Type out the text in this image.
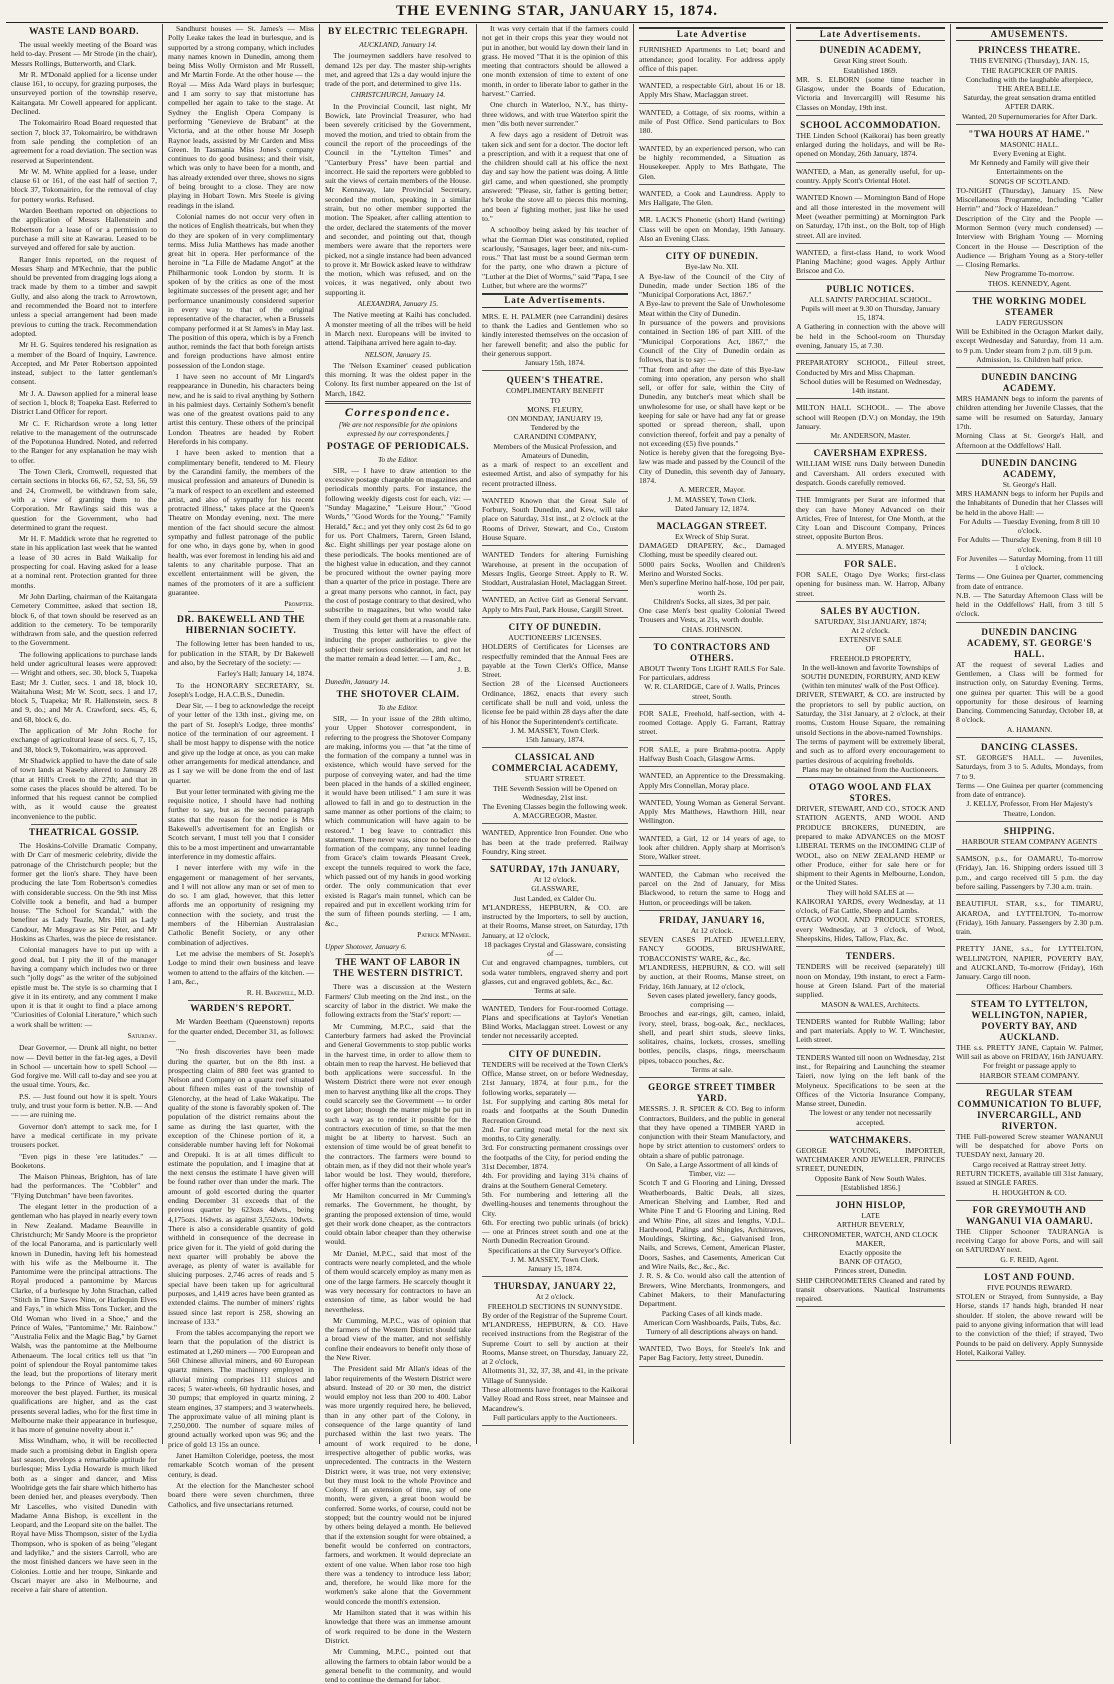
THE EVENING STAR, JANUARY 15, 1874.
WASTE LAND BOARD.

The usual weekly meeting of the Board was held to-day. Present — Mr Strode (in the chair), Messrs Rollings, Butterworth, and Clark.

Mr R. M'Donald applied for a license under clause 161, to occupy, for grazing purposes, the unsurveyed portion of the township reserve, Kaitangata. Mr Cowell appeared for applicant. Declined.

The Tokomairiro Road Board requested that section 7, block 37, Tokomairiro, be withdrawn from sale pending the completion of an agreement for a road deviation. The section was reserved at Superintendent.

Mr W. M. White applied for a lease, under clause 61 or 161, of the east half of section 7, block 37, Tokomairiro, for the removal of clay for pottery works. Refused.

Warden Beetham reported on objections to the application of Messrs Hallenstein and Robertson for a lease of or a permission to purchase a mill site at Kawarau. Leased to be surveyed and offered for sale by auction.

Ranger Innis reported, on the request of Messrs Sharp and M'Kechnie, that the public should be prevented from dragging logs along a track made by them to a timber and sawpit Gully, and also along the track to Arrowtown, and recommended the Board not to interfere unless a special arrangement had been made previous to cutting the track. Recommendation adopted.

Mr H. G. Squires tendered his resignation as a member of the Board of Inquiry, Lawrence. Accepted, and Mr Peter Robertson appointed instead, subject to the latter gentleman's consent.

Mr J. A. Dawson applied for a mineral lease of section 1, block 8; Toapeka East. Referred to District Land Officer for report.

Mr C. F. Richardson wrote a long letter relative to the management of the outrunscade of the Popotunoa Hundred. Noted, and referred to the Ranger for any explanation he may wish to offer.

The Town Clerk, Cromwell, requested that certain sections in blocks 66, 67, 52, 53, 56, 59 and 24, Cromwell, be withdrawn from sale, with a view of granting them to the Corporation. Mr Rawlings said this was a question for the Government, who had determined to grant the request.

Mr H. F. Maddick wrote that he regretted to state in his application last week that he wanted a lease of 30 acres in Bald Waikalip for prospecting for coal. Having asked for a lease at a nominal rent. Protection granted for three months.

Mr John Darling, chairman of the Kaitangata Cemetery Committee, asked that section 18, block 6, of that town should be reserved as an addition to the cemetery. To be temporarily withdrawn from sale, and the question referred to the Government.

The following applications to purchase lands held under agricultural leases were approved: — Wright and others, sec. 30, block 5, Tuapeka East; Mr J. Cutler, secs. 1 and 18, block 10, Waitahuna West; Mr W. Scott, secs. 1 and 17, block 5, Tuapeka; Mr R. Hallenstein, secs. 8 and 9, do.; and Mr A. Crawford, secs. 45, 6, and 68, block 6, do.

The application of Mr John Roche for exchange of agricultural lease of secs. 6, 7, 15, and 38, block 9, Tokomairiro, was approved.

Mr Shadwick applied to have the date of sale of town lands at Naseby altered to January 28 (that at Hill's Creek to the 27th; and that in some cases the places should be altered. To be informed that his request cannot be complied with, as it would cause the greatest inconvenience to the public.

THEATRICAL GOSSIP.

The Hoskins-Colville Dramatic Company, with Dr Carr of mesmeric celebrity, divide the patronage of the Christchurch people; but the former get the lion's share. They have been producing the late Tom Robertson's comedies with considerable success. On the 9th inst Miss Colville took a benefit, and had a bumper house. "The School for Scandal," with the benefiter as Lady Teazle, Mrs Hill as Lady Candour, Mr Musgrave as Sir Peter, and Mr Hoskins as Charles, was the piece de resistance.

Colonial managers have to put up with a good deal, but I pity the ill of the manager having a company which includes two or three such "jolly dogs" as the writer of the subjoined epistle must be. The style is so charming that I give it in its entirety, and any comment I make upon it is that it ought to find a place among "Curiosities of Colonial Literature," which such a work shall be written: —

Saturday.

Dear Governor, — Drunk all night, no better now — Devil better in the fat-leg ages, a Devil in School — uncertain how to spell School — God forgive me. Will call to-day and see you at the usual time. Yours, &c.

P.S. — Just found out how it is spelt. Yours truly, and trust your form is better. N.B. — And — — are ruining me.

Governor don't attempt to sack me, for I have a medical certificate in my private trousers pocket.

"Even pigs in these 'ere latitudes." — Booketons.

The Maison Phineas, Brighton, has of late had the performances. The "Cobbler" and "Flying Dutchman" have been favorites.

The elegant letter in the production of a gentleman who has played in nearly every town in New Zealand. Madame Beauville in Christchurch; Mr Sandy Moore is the proprietor of the local Panorama, and is particularly well known in Dunedin, having left his homestead with his wife as the Melbourne it. The Pantomime were the principal attractions. The Royal produced a pantomime by Marcus Clarke, of a burlesque by John Strachan, called "Stitch in Time Saves Nine, or Harlequin Elves and Fays," in which Miss Tons Tucker, and the Old Woman who lived in a Shoe," and the Prince of Wales, "Pantomime," Mr. Rainbow." "Australia Felix and the Magic Bag," by Garnet Walsh, was the pantomime at the Melbourne Athenaeum. The local critics tell us that "in point of splendour the Royal pantomime takes the lead, but the proportions of literary merit belongs to the Prince of Wales; and it is moreover the best played. Further, its musical qualifications are higher, and as the cast presents several ladies, who for the first time in Melbourne make their appearance in burlesque, it has more of genuine novelty about it."

Miss Windham, who, it will be recollected made such a promising debut in English opera last season, develops a remarkable aptitude for burlesque; Miss Lydia Howarde is much liked both as a singer and dancer, and Miss Woolridge gets the fair share which hitherto has been denied her, and pleases everybody. Then Mr Lascelles, who visited Dunedin with Madame Anna Bishop, is excellent in the Leopard, and the Leopard site on the ballet. The Royal have Miss Thompson, sister of the Lydia Thompson, who is spoken of as being "elegant and ladylike," and the sisters Carroll, who are the most finished dancers we have seen in the Colonies. Lottie and her troupe, Sinkarde and Oscari mayer are also in Melbourne, and receive a fair share of attention.

Sandhurst houses — St. James's — Miss Polly Leake takes the lead in burlesque, and is supported by a strong company, which includes many names known in Dunedin, among them being Miss Wolly Ormiston and Mr Russell, and Mr Martin Forde. At the other house — the Royal — Miss Ada Ward plays in burlesque; and I am sorry to say that mistortune has compelled her again to take to the stage. At Sydney the English Opera Company is performing "Genevieve de Brabant" at the Victoria, and at the other house Mr Joseph Raynor leads, assisted by Mr Carden and Miss Green. In Tasmania Miss Jones's company continues to do good business; and their visit, which was only to have been for a month, and has already extended over three, shows no signs of being brought to a close. They are now playing in Hobart Town. Mrs Steele is giving readings in the island.

Colonial names do not occur very often in the notices of English theatricals, but when they do they are spoken of in very complimentary terms. Miss Julia Matthews has made another great hit in opera. Her performance of the heroine in "La Fille de Madame Angot" at the Philharmonic took London by storm. It is spoken of by the critics as one of the most legitimate successes of the present age; and her performance unanimously considered superior in every way to that of the original representative of the character, when a Brussels company performed it at St James's in May last. The position of this opera, which is by a French author, reminds the fact that both foreign artists and foreign productions have almost entire possession of the London stage.

I have seen no account of Mr Lingard's reappearance in Dunedin, his characters being new, and he is said to rival anything by Sothern in his palmiest days. Certainly Sothern's benefit was one of the greatest ovations paid to any artist this century. These others of the principal London Theatres are headed by Robert Herefords in his company.

I have been asked to mention that a complimentary benefit, tendered to M. Fleury by the Carandini family, the members of the musical profession and amateurs of Dunedin is "a mark of respect to an excellent and esteemed artist, and also of sympathy for his recent protracted illness," takes place at the Queen's Theatre on Monday evening, next. The mere mention of the fact should secure the almost sympathy and fullest patronage of the public for one who, in days gone by, when in good health, was ever foremost in lending his aid and talents to any charitable purpose. That an excellent entertainment will be given, the names of the promoters of it are a sufficient guarantee.

Prompter.
DR. BAKEWELL AND THE HIBERNIAN SOCIETY.

The following letter has been handed to us, for publication in the STAR, by Dr Bakewell and also, by the Secretary of the society: —

Farley's Hall; January 14, 1874.

To the HONORARY SECRETARY, St. Joseph's Lodge, H.A.C.B.S., Dunedin.

Dear Sir, — I beg to acknowledge the receipt of your letter of the 13th inst., giving me, on the part of St. Joseph's Lodge, three months' notice of the termination of our agreement. I shall be most happy to dispense with the notice and give up the lodge at once, as you can make other arrangements for medical attendance, and as I say we will be done from the end of last quarter.

But your letter terminated with giving me the requisite notice, I should have had nothing further to say, but as the second paragraph states that the reason for the notice is Mrs Bakewell's advertisement for an English or Scotch servant, I must tell you that I consider this to be a most impertinent and unwarrantable interference in my domestic affairs.

I never interfere with my wife in the engagement or management of her servants, and I will not allow any man or set of men to do so. I am glad, however, that this letter affords me an opportunity of resigning my connection with the society, and trust the members of the Hibernian Australasian Catholic Benefit Society, or any other combination of adjectives.

Let me advise the members of St. Joseph's Lodge to mind their own business and leave women to attend to the affairs of the kitchen. — I am, &c.,

R. H. Bakewell, M.D.
WARDEN'S REPORT.

Mr Warden Beetham (Queenstown) reports for the quarter ended, December 31, as follows: —

"No fresh discoveries have been made during the quarter, but on the 8th inst. a prospecting claim of 880 feet was granted to Nelson and Company on a quartz reef situated about fifteen miles east of the township of Glenorchy, at the head of Lake Wakatipu. The quality of the stone is favorably spoken of. The population of the district remains about the same as during the last quarter, with the exception of the Chinese portion of it, a considerable number having left for Nokomai and Orepuki. It is at all times difficult to estimate the population, and I imagine that at the next census the estimate I have given will be found rather over than under the mark. The amount of gold escorted during the quarter ending December 31 exceeds that of the previous quarter by 623ozs 4dwts., being 4,175ozs. 16dwts. as against 3,552ozs. 10dwts. There is also a considerable quantity of gold withheld in consequence of the decrease in price given for it. The yield of gold during the next quarter will probably be above the average, as plenty of water is available for sluicing purposes. 2,746 acres of reads and 5 special have been taken up for agricultural purposes, and 1,419 acres have been granted as extended claims. The number of miners' rights issued since last report is 258, showing an increase of 133."

From the tables accompanying the report we learn that the population of the district is estimated at 1,260 miners — 700 European and 560 Chinese alluvial miners, and 60 European quartz miners. The machinery employed in alluvial mining comprises 111 sluices and races; 5 water-wheels, 60 hydraulic hoses, and 30 pumps; that employed in quartz mining, 2 steam engines, 37 stampers; and 3 waterwheels. The approximate value of all mining plant is 7,250,000. The number of square miles of ground actually worked upon was 96; and the price of gold 13 15s an ounce.

Janet Hamilton Coleridge, poetess, the most remarkable Scotch woman of the present century, is dead.

At the election for the Manchester school board there were seven churchmen, three Catholics, and five unsectarians returned.

BY ELECTRIC TELEGRAPH.
AUCKLAND, January 14.

The journeymen saddlers have resolved to demand 12s per day. The master ship-wrights met, and agreed that 12s a day would injure the trade of the port, and determined to give 11s.

CHRISTCHURCH, January 14.

In the Provincial Council, last night, Mr Bowick, late Provincial Treasurer, who had been severely criticised by the Government, moved the motion, and tried to obtain from the council the report of the proceedings of the Council in the "Lyttelton Times" and "Canterbury Press" have been partial and incorrect. He said the reporters were gobbled to suit the views of certain members of the House. Mr Kennaway, late Provincial Secretary, seconded the motion, speaking in a similar strain, but no other member supported the motion. The Speaker, after calling attention to the order, declared the statements of the mover and seconder, and pointing out that, though members were aware that the reporters were picked, not a single instance had been advanced to prove it. Mr Bowick asked leave to withdraw the motion, which was refused, and on the voices, it was negatived, only about two supporting it.

ALEXANDRA, January 15.

The Native meeting at Kaihi has concluded. A monster meeting of all the tribes will be held in March next. Europeans will be invited to attend. Taipihana arrived here again to-day.

NELSON, January 15.

The 'Nelson Examiner' ceased publication this morning. It was the oldest paper in the Colony. Its first number appeared on the 1st of March, 1842.

Correspondence.
[We are not responsible for the opinions expressed by our correspondents.]
POSTAGE OF PERIODICALS.
To the Editor.

SIR, — I have to draw attention to the excessive postage chargeable on magazines and periodicals monthly parts. For instance, the following weekly digests cost for each, viz: — "Sunday Magazine," "Leisure Hour," "Good Words," "Good Words for the Young," "Family Herald," &c.; and yet they only cost 2s 6d to go for us. Port Chalmers, Tarern, Green Island, &c. Eight shillings per year postage alone on these periodicals. The books mentioned are of the highest value in education, and they cannot be procured without the owner paying more than a quarter of the price in postage. There are a great many persons who cannot, in fact, pay the cost of postage contrary to that desired, who subscribe to magazines, but who would take them if they could get them at a reasonable rate.

Trusting this letter will have the effect of inducing the proper authorities to give the subject their serious consideration, and not let the matter remain a dead letter. — I am, &c.,

J. B.
Dunedin, January 14.
THE SHOTOVER CLAIM.
To the Editor.

SIR, — In your issue of the 28th ultimo, your Upper Shotover correspondent, in referring to the progress the Shotover Company are making, informs you — that "at the time of the formation of the company a tunnel was in existence, which would have served for the purpose of conveying water, and had the time been placed in the hands of a skilled engineer, it would have been utilised." I am sure it was allowed to fall in and go to destruction in the same manner as other portions of the claim; to which communication will have again to be restored." I beg leave to contradict this statement. There never was, since no before the formation of the company, any tunnel leading from Grace's claim towards Pleasant Creek, except the tunnels required to work the face, which passed out of my hands in good working order. The only communication that ever existed is Ragar's main tunnel, which can be repaired and put in excellent working trim for the sum of fifteen pounds sterling. — I am, &c.,

Patrick M'Namee.
Upper Shotover, January 6.
THE WANT OF LABOR IN THE WESTERN DISTRICT.

There was a discussion at the Western Farmers' Club meeting on the 2nd inst., on the scarcity of labor in the district. We make the following extracts from the 'Star's' report: —

Mr Cumming, M.P.C., said that the Canterbury farmers had asked the Provincial and General Governments to stop public works in the harvest time, in order to allow them to obtain men to reap the harvest. He believed that both applications were successful. In the Western District there were not ever enough men to harvest anything like all the crops. They could scarcely see the Government — to order to get labor; though the matter might be put in such a way as to render it possible for the contractors execution of time, so that the men might be at liberty to harvest. Such an extension of time would be of great benefit to the contractors. The farmers were bound to obtain men, as if they did not their whole year's labor would be lost. They would, therefore, offer higher terms than the contractors.

Mr Hamilton concurred in Mr Cumming's remarks. The Government, he thought, by granting the proposed extension of time, would get their work done cheaper, as the contractors could obtain labor cheaper than they otherwise would.

Mr Daniel, M.P.C., said that most of the contracts were nearly completed, and the whole of them would scarcely employ as many men as one of the large farmers. He scarcely thought it was very necessary for contractors to have an extension of time, as labor would be had nevertheless.

Mr Cumming, M.P.C., was of opinion that the farmers of the Western District should take a broad view of the matter, and not selfishly confine their endeavors to benefit only those of the New River.

The President said Mr Allan's ideas of the labor requirements of the Western District were absurd. Instead of 20 or 30 men, the district would employ not less than 200 to 400. Labor was more urgently required here, he believed, than in any other part of the Colony, in consequence of the large quantity of land purchased within the last two years. The amount of work required to be done, irrespective altogether of public works, was unprecedented. The contracts in the Western District were, it was true, not very extensive; but they must look to the whole Province and Colony. If an extension of time, say of one month, were given, a great boon would be conferred. Some works, of course, could not be stopped; but the country would not be injured by others being delayed a month. He believed that if the extension sought for were obtained, a benefit would be conferred on contractors, farmers, and workmen. It would depreciate an extent of one value. When labor rose too high there was a tendency to introduce less labor; and, therefore, he would like more for the workmen's sake alone that the Government would concede the month's extension.

Mr Hamilton stated that it was within his knowledge that there was an immense amount of work required to be done in the Western District.

Mr Cumming, M.P.C., pointed out that allowing the farmers to obtain labor would be a general benefit to the community, and would tend to continue the demand for labor.

It was very certain that if the farmers could not get in their crops this year they would not put in another, but would lay down their land in grass. He moved "That it is the opinion of this meeting that contractors should be allowed a one month extension of time to extent of one month, in order to liberate labor to gather in the harvest." Carried.

One church in Waterloo, N.Y., has thirty-three widows, and with true Waterloo spirit the men "dis both never surrender."

A few days ago a resident of Detroit was taken sick and sent for a doctor. The doctor left a prescription, and with it a request that one of the children should call at his office the next day and say how the patient was doing. A little girl came, and when questioned, she promptly answered: "Please, sir, father is getting better; he's broke the stove all to pieces this morning, and been a' fighting mother, just like he used to."

A schoolboy being asked by his teacher of what the German Diet was constituted, replied scarlously, "Sausages, lager beer, and nix-cum-rous." That last must be a sound German term for the party, one who drawn a picture of "Luther at the Diet of Worms," said "Papa, I see Luther, but where are the worms?"

Late Advertisements.
MRS. E. H. PALMER (nee Carrandini) desires to thank the Ladies and Gentlemen who so kindly interested themselves on the occasion of her farewell benefit; and also the public for their generous support.
January 15th, 1874.
QUEEN'S THEATRE.
COMPLIMENTARY BENEFIT
TO
MONS. FLEURY,
ON MONDAY, JANUARY 19,
Tendered by the
CARANDINI COMPANY,
Members of the Musical Profession, and Amateurs of Dunedin,
as a mark of respect to an excellent and esteemed Artist, and also of sympathy for his recent protracted illness.
WANTED Known that the Great Sale of Forbury, South Dunedin, and Kew, will take place on Saturday, 31st inst., at 2 o'clock at the Rooms of Driver, Stewart, and Co., Custom House Square.
WANTED Tenders for altering Furnishing Warehouse, at present in the occupation of Messrs Inglis, George Street. Apply to R. W. Stoddart, Australasian Hotel, Maclaggan Street.
WANTED, an Active Girl as General Servant. Apply to Mrs Paul, Park House, Cargill Street.
CITY OF DUNEDIN.
AUCTIONEERS' LICENSES.
HOLDERS of Certificates for Licenses are respectfully reminded that the Annual Fees are payable at the Town Clerk's Office, Manse Street.
Section 28 of the Licensed Auctioneers Ordinance, 1862, enacts that every such certificate shall be null and void, unless the license fee be paid within 28 days after the date of his Honor the Superintendent's certificate.
J. M. MASSEY, Town Clerk.
15th January, 1874.
CLASSICAL AND COMMERCIAL ACADEMY,
STUART STREET.
THE Seventh Session will be Opened on Wednesday, 21st inst.
The Evening Classes begin the following week.
A. MACGREGOR, Master.
WANTED, Apprentice Iron Founder. One who has been at the trade preferred. Railway Foundry, King street.
SATURDAY, 17th JANUARY,
At 12 o'clock.
GLASSWARE,
Just Landed, ex Calder Ou.
M'LANDRESS, HEPBURN, & CO. are instructed by the Importers, to sell by auction, at their Rooms, Manse street, on Saturday, 17th January, at 12 o'clock,
18 packages Crystal and Glassware, consisting of —
Cut and engraved champagnes, tumblers, cut soda water tumblers, engraved sherry and port glasses, cut and engraved goblets, &c., &c.
Terms at sale.
WANTED, Tenders for Four-roomed Cottage. Plans and specifications at Taylor's Venetian Blind Works, Maclaggan street. Lowest or any tender not necessarily accepted.
CITY OF DUNEDIN.
TENDERS will be received at the Town Clerk's Office, Manse street, on or before Wednesday, 21st January, 1874, at four p.m., for the following works, separately —
1st. For supplying and carting 80s metal for roads and footpaths at the South Dunedin Recreation Ground.
2nd. For carting road metal for the next six months, to City generally.
3rd. For constructing permanent crossings over the footpaths of the City, for period ending the 31st December, 1874.
4th. For providing and laying 31¼ chains of drains at the Southern General Cemetery.
5th. For numbering and lettering all the dwelling-houses and tenements throughout the City.
6th. For erecting two public urinals (of brick) — one at Princes street south and one at the North Dunedin Recreation Ground.
Specifications at the City Surveyor's Office.
J. M. MASSEY, Town Clerk.
January 15, 1874.
THURSDAY, JANUARY 22,
At 2 o'clock.
FREEHOLD SECTIONS IN SUNNYSIDE.
By order of the Registrar of the Supreme Court.
M'LANDRESS, HEPBURN, & CO. Have received instructions from the Registrar of the Supreme Court to sell by auction at their Rooms, Manse street, on Thursday, January 22, at 2 o'clock,
Allotments 31, 32, 37, 38, and 41, in the private Village of Sunnyside.
These allotments have frontages to the Kaikorai Valley Road and Ross street, near Mainsee and Macandrew's.
Full particulars apply to the Auctioneers.
Late Advertise
FURNISHED Apartments to Let; board and attendance; good locality. For address apply office of this paper.
WANTED, a respectable Girl, about 16 or 18. Apply Mrs Shaw, Maclaggan street.
WANTED, a Cottage, of six rooms, within a mile of Post Office. Send particulars to Box 180.
WANTED, by an experienced person, who can be highly recommended, a Situation as Housekeeper. Apply to Mrs Bathgate, The Glen.
WANTED, a Cook and Laundress. Apply to Mrs Hallgate, The Glen.
MR. LACK'S Phonetic (short) Hand (writing) Class will be open on Monday, 19th January. Also an Evening Class.
CITY OF DUNEDIN.
Bye-law No. XII.
A Bye-law of the Council of the City of Dunedin, made under Section 186 of the "Municipal Corporations Act, 1867."
A Bye-law to prevent the Sale of Unwholesome Meat within the City of Dunedin.
In pursuance of the powers and provisions contained in Section 186 of part XIII. of the "Municipal Corporations Act, 1867," the Council of the City of Dunedin ordain as follows, that is to say: —
"That from and after the date of this Bye-law coming into operation, any person who shall sell, or offer for sale, within the City of Dunedin, any butcher's meat which shall be unwholesome for use, or shall have kept or be keeping for sale or have had any fat or grease spotted or spread thereon, shall, upon conviction thereof, forfeit and pay a penalty of not exceeding (£5) five pounds."
Notice is hereby given that the foregoing Bye-law was made and passed by the Council of the City of Dunedin, this seventh day of January, 1874.
A. MERCER, Mayor.
J. M. MASSEY, Town Clerk.
Dated January 12, 1874.
MACLAGGAN STREET.
Ex Wreck of Ship Surat.
DAMAGED DRAPERY, &c., Damaged Clothing, must be speedily cleared out.
5000 pairs Socks, Woollen and Children's Merino and Worsted Socks.
Men's superfine Merino half-hose, 10d per pair, worth 2s.
Children's Socks, all sizes, 3d per pair.
One case Men's best quality Colonial Tweed Trousers and Vests, at 21s, worth double.
CHAS. JOHNSON.
TO CONTRACTORS AND OTHERS.
ABOUT Twenty Tons LIGHT RAILS For Sale. For particulars, address
W. R. CLARIDGE, Care of J. Walls, Princes street, South.
FOR SALE, Freehold, half-section, with 4-roomed Cottage. Apply G. Farrant, Rattray street.
FOR SALE, a pure Brahma-pootra. Apply Halfway Bush Coach, Glasgow Arms.
WANTED, an Apprentice to the Dressmaking. Apply Mrs Connellan, Moray place.
WANTED, Young Woman as General Servant. Apply Mrs Matthews, Hawthorn Hill, near Wellington.
WANTED, a Girl, 12 or 14 years of age, to look after children. Apply sharp at Morrison's Store, Walker street.
WANTED, the Cabman who received the parcel on the 2nd of January, for Miss Blackwood, to return the same to Hogg and Hutton, or proceedings will be taken.
FRIDAY, JANUARY 16,
At 12 o'clock.
SEVEN CASES PLATED JEWELLERY, FANCY GOODS, BRUSHWARE, TOBACCONISTS' WARE, &c., &c.
M'LANDRESS, HEPBURN, & CO. will sell by auction, at their Rooms, Manse street, on Friday, 16th January, at 12 o'clock,
Seven cases plated jewellery, fancy goods, comprising —
Brooches and ear-rings, gilt, cameo, inlaid, ivory, steel, brass, bog-oak, &c., necklaces, shell, and pearl shirt studs, sleeve links, solitaires, chains, lockets, crosses, smelling bottles, pencils, clasps, rings, meerschaum pipes, tobacco pouches, &c.
Terms at sale.
GEORGE STREET TIMBER YARD.
MESSRS. J. R. SPICER & CO. Beg to inform Contractors, Builders, and the public in general that they have opened a TIMBER YARD in conjunction with their Steam Manufactory, and hope by strict attention to customers' orders to obtain a share of public patronage.
On Sale, a Large Assortment of all kinds of Timber, viz: —
Scotch T and G Flooring and Lining, Dressed Weatherboards, Baltic Deals, all sizes, American Shelving and Lumber, Red and White Pine T and G Flooring and Lining, Red and White Pine, all sizes and lengths, V.D.L. Hardwood, Palings and Shingles, Architraves, Mouldings, Skirting, &c., Galvanised Iron, Nails, and Screws, Cement, American Plaster, Doors, Sashes, and Casements, American Cut and Wire Nails, &c., &c., &c.
J. R. S. & Co. would also call the attention of Brewers, Wine Merchants, Ironmongers, and Cabinet Makers, to their Manufacturing Department.
Packing Cases of all kinds made.
American Corn Washboards, Pails, Tubs, &c.
Turnery of all descriptions always on hand.
WANTED, Two Boys, for Steele's Ink and Paper Bag Factory, Jetty street, Dunedin.
Late Advertisements.
DUNEDIN ACADEMY,
Great King street South.
Established 1869.
MR. S. ELBORN (some time teacher in Glasgow, under the Boards of Education, Victoria and Invercargill) will Resume his Classes on Monday, 19th inst.
SCHOOL ACCOMMODATION.
THE Linden School (Kaikorai) has been greatly enlarged during the holidays, and will be Re-opened on Monday, 26th January, 1874.
WANTED, a Man, as generally useful, for up-country. Apply Scott's Oriental Hotel.
WANTED Known — Mornington Band of Hope and all those interested in the movement will Meet (weather permitting) at Mornington Park on Saturday, 17th inst., on the Bolt, top of High street. All are invited.
WANTED, a first-class Hand, to work Wood Planing Machine; good wages. Apply Arthur Briscoe and Co.
PUBLIC NOTICES.
ALL SAINTS' PAROCHIAL SCHOOL.
Pupils will meet at 9.30 on Thursday, January 15, 1874.
A Gathering in connection with the above will be held in the School-room on Thursday evening, January 15, at 7.30.
PREPARATORY SCHOOL, Filleul street, Conducted by Mrs and Miss Chapman.
School duties will be Resumed on Wednesday, 14th instant.
MILTON HALL SCHOOL. — The above school will Reopen (D.V.) on Monday, the 19th January.
Mr. ANDERSON, Master.
CAVERSHAM EXPRESS.
WILLIAM WISE runs Daily between Dunedin and Caversham. All orders executed with despatch. Goods carefully removed.
THE Immigrants per Surat are informed that they can have Money Advanced on their Articles, Free of Interest, for One Month, at the City Loan and Discount Company, Princes street, opposite Burton Bros.
A. MYERS, Manager.
FOR SALE.
FOR SALE, Otago Dye Works; first-class opening for business man. W. Harrop, Albany street.
SALES BY AUCTION.
SATURDAY, 31st JANUARY, 1874;
At 2 o'clock.
EXTENSIVE SALE
OF
FREEHOLD PROPERTY,
In the well-known and favorite Townships of
SOUTH DUNEDIN, FORBURY, AND KEW
(within ten minutes' walk of the Post Office).
DRIVER, STEWART, & CO. are instructed by the proprietors to sell by public auction, on Saturday, the 31st January, at 2 o'clock, at their rooms, Custom House Square, the remaining unsold Sections in the above-named Townships.
The terms of payment will be extremely liberal, and such as to afford every encouragement to parties desirous of acquiring freeholds.
Plans may be obtained from the Auctioneers.
OTAGO WOOL AND FLAX STORES.
DRIVER, STEWART, AND CO., STOCK AND STATION AGENTS, AND WOOL AND PRODUCE BROKERS, DUNEDIN, are prepared to make ADVANCES on the MOST LIBERAL TERMS on the INCOMING CLIP of WOOL, also on NEW ZEALAND HEMP or other Produce, either for sale here or for shipment to their Agents in Melbourne, London, or the United States.
They will hold SALES at —
KAIKORAI YARDS, every Wednesday, at 11 o'clock, of Fat Cattle, Sheep and Lambs.
OTAGO WOOL AND PRODUCE STORES, every Wednesday, at 3 o'clock, of Wool, Sheepskins, Hides, Tallow, Flax, &c.
TENDERS.
TENDERS will be received (separately) till noon on Monday, 19th instant, to erect a Farm-house at Green Island. Part of the material supplied.
MASON & WALES, Architects.
TENDERS wanted for Rubble Walling; labor and part materials. Apply to W. T. Winchester, Leith street.
TENDERS Wanted till noon on Wednesday, 21st inst., for Repairing and Launching the steamer Taieri, now lying on the left bank of the Molyneux. Specifications to be seen at the Offices of the Victoria Insurance Company, Manse street, Dunedin.
The lowest or any tender not necessarily accepted.
WATCHMAKERS.
GEORGE YOUNG, IMPORTER, WATCHMAKER AND JEWELLER, PRINCES STREET, DUNEDIN,
Opposite Bank of New South Wales.
[Established 1856.]
JOHN HISLOP,
LATE
ARTHUR BEVERLY,
CHRONOMETER, WATCH, AND CLOCK MAKER,
Exactly opposite the
BANK OF OTAGO,
Princes street, Dunedin.
SHIP CHRONOMETERS Cleaned and rated by transit observations. Nautical Instruments repaired.
AMUSEMENTS.
PRINCESS THEATRE.
THIS EVENING (Thursday), JAN. 15,
THE RAGPICKER OF PARIS.
Concluding with the laughable afterpiece,
THE AREA BELLE.
Saturday, the great sensation drama entitled AFTER DARK.
Wanted, 20 Supernumeraries for After Dark.
"TWA HOURS AT HAME."
MASONIC HALL.
Every Evening at Eight.
Mr Kennedy and Family will give their Entertainments on the
SONGS OF SCOTLAND.
TO-NIGHT (Thursday), January 15. New Miscellaneous Programme, Including "Caller Herrin'" and "Jock o' Hazeldean."
Description of the City and the People — Mormon Sermon (very much condensed) — Interview with Brigham Young — Morning Concert in the House — Description of the Audience — Brigham Young as a Story-teller — Closing Remarks.
New Programme To-morrow.
THOS. KENNEDY, Agent.
THE WORKING MODEL STEAMER
LADY FERGUSSON
Will be Exhibited in the Octagon Market daily, except Wednesday and Saturday, from 11 a.m. to 9 p.m. Under steam from 2 p.m. till 9 p.m.
Admission, 1s. Children half price.
DUNEDIN DANCING ACADEMY.
MRS HAMANN begs to inform the parents of children attending her Juvenile Classes, that the same will be resumed on Saturday, January 17th.
Morning Class at St. George's Hall, and Afternoon at the Oddfellows' Hall.
DUNEDIN DANCING ACADEMY,
St. George's Hall.
MRS HAMANN begs to inform her Pupils and the Inhabitants of Dunedin that her Classes will be held in the above Hall: —
For Adults — Tuesday Evening, from 8 till 10 o'clock.
For Adults — Thursday Evening, from 8 till 10 o'clock.
For Juveniles — Saturday Morning, from 11 till 1 o'clock.
Terms — One Guinea per Quarter, commencing from date of entrance.
N.B. — The Saturday Afternoon Class will be held in the Oddfellows' Hall, from 3 till 5 o'clock.
DUNEDIN DANCING ACADEMY, ST. GEORGE'S HALL.
AT the request of several Ladies and Gentlemen, a Class will be formed for instruction only, on Saturday Evening. Terms, one guinea per quarter. This will be a good opportunity for those desirous of learning Dancing. Commencing Saturday, October 18, at 8 o'clock.
A. HAMANN.
DANCING CLASSES.
ST. GEORGE'S HALL. — Juveniles, Saturdays, from 3 to 5. Adults, Mondays, from 7 to 9.
Terms — One Guinea per quarter (commencing from date of entrance).
J. KELLY, Professor, From Her Majesty's Theatre, London.
SHIPPING.
HARBOUR STEAM COMPANY AGENTS
SAMSON, p.s., for OAMARU, To-morrow (Friday), Jan. 16. Shipping orders issued till 3 p.m., and cargo received till 5 p.m. the day before sailing. Passengers by 7.30 a.m. train.
BEAUTIFUL STAR, s.s., for TIMARU, AKAROA, and LYTTELTON, To-morrow (Friday), 16th January. Passengers by 2.30 p.m. train.
PRETTY JANE, s.s., for LYTTELTON, WELLINGTON, NAPIER, POVERTY BAY, and AUCKLAND, To-morrow (Friday), 16th January. Cargo till noon.
Offices: Harbour Chambers.
STEAM TO LYTTELTON, WELLINGTON, NAPIER, POVERTY BAY, AND AUCKLAND.
THE s.s. PRETTY JANE, Captain W. Palmer, Will sail as above on FRIDAY, 16th JANUARY.
For freight or passage apply to
HARBOR STEAM COMPANY.
REGULAR STEAM COMMUNICATION TO BLUFF, INVERCARGILL, AND RIVERTON.
THE Full-powered Screw steamer WANANUI will be despatched for above Ports on TUESDAY next, January 20.
Cargo received at Rattray street Jetty.
RETURN TICKETS, available till 31st January, issued at SINGLE FARES.
H. HOUGHTON & CO.
FOR GREYMOUTH AND WANGANUI VIA OAMARU.
THE Clipper Schooner TAURANGA is receiving Cargo for above Ports, and will sail on SATURDAY next.
G. F. REID, Agent.
LOST AND FOUND.
FIVE POUNDS REWARD.
STOLEN or Strayed, from Sunnyside, a Bay Horse, stands 17 hands high, branded H near shoulder. If stolen, the above reward will be paid to anyone giving information that will lead to the conviction of the thief; if strayed, Two Pounds to be paid on delivery. Apply Sunnyside Hotel, Kaikorai Valley.
